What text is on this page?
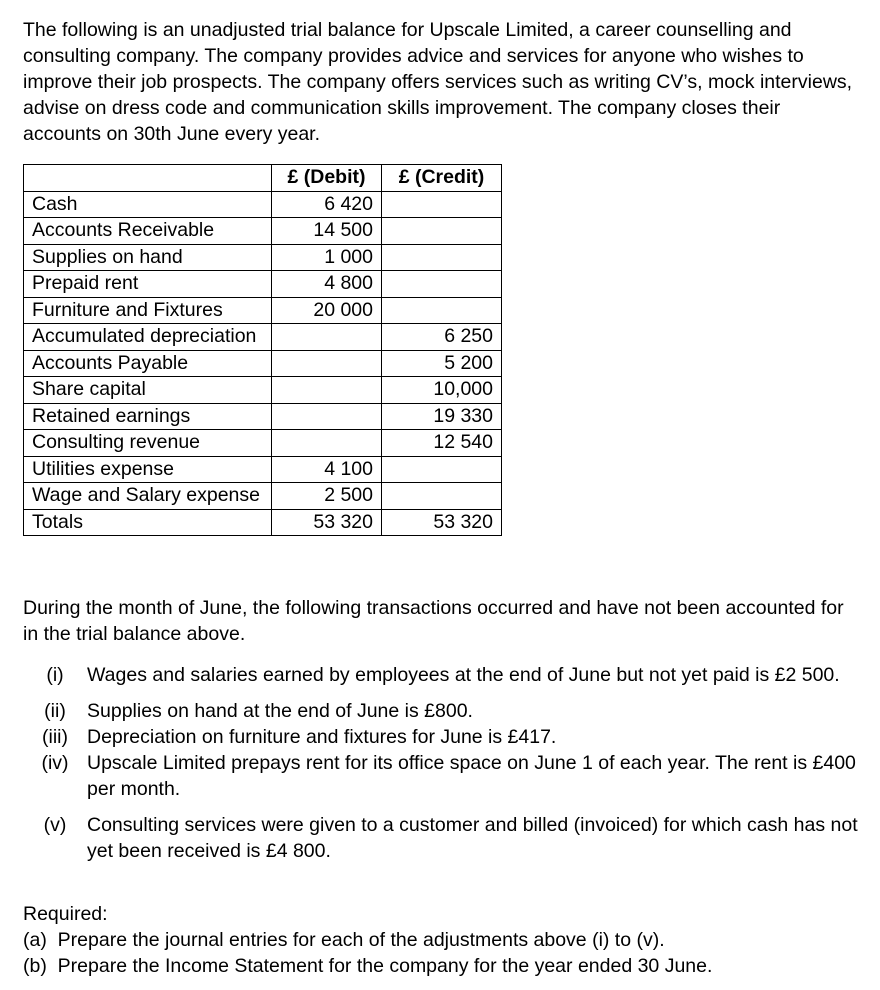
The following is an unadjusted trial balance for Upscale Limited, a career counselling and consulting company. The company provides advice and services for anyone who wishes to improve their job prospects. The company offers services such as writing CV’s, mock interviews, advise on dress code and communication skills improvement. The company closes their accounts on 30th June every year.

	£ (Debit)	£ (Credit)
Cash	6 420	
Accounts Receivable	14 500	
Supplies on hand	1 000	
Prepaid rent	4 800	
Furniture and Fixtures	20 000	
Accumulated depreciation		6 250
Accounts Payable		5 200
Share capital		10,000
Retained earnings		19 330
Consulting revenue		12 540
Utilities expense	4 100	
Wage and Salary expense	2 500	
Totals	53 320	53 320

During the month of June, the following transactions occurred and have not been accounted for in the trial balance above.

(i)	Wages and salaries earned by employees at the end of June but not yet paid is £2 500.
(ii)	Supplies on hand at the end of June is £800.
(iii) Depreciation on furniture and fixtures for June is £417.
(iv) Upscale Limited prepays rent for its office space on June 1 of each year. The rent is £400 per month.
(v)	Consulting services were given to a customer and billed (invoiced) for which cash has not yet been received is £4 800.
Required:
(a)  Prepare the journal entries for each of the adjustments above (i) to (v).
(b)  Prepare the Income Statement for the company for the year ended 30 June.
